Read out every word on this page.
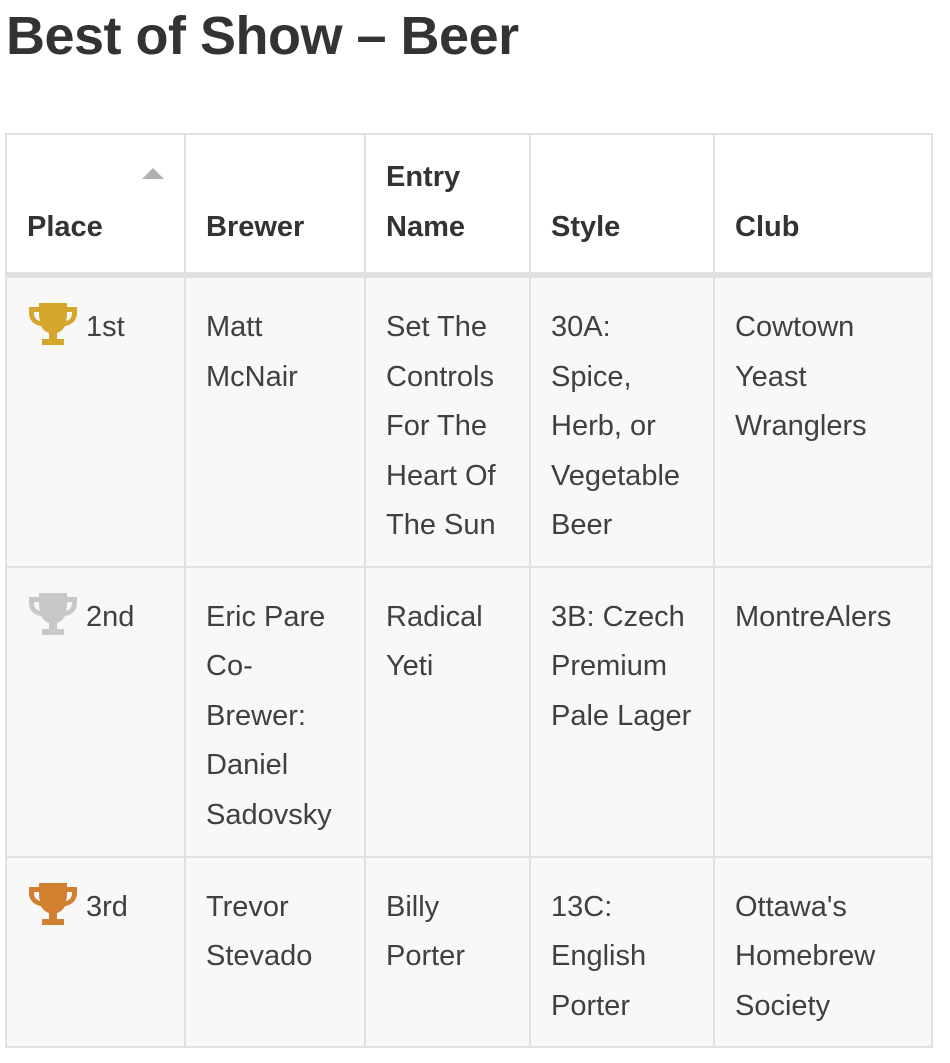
Best of Show – Beer
Place	Brewer	Entry Name	Style	Club

1st	Matt McNair	Set The Controls For The Heart Of The Sun	30A: Spice, Herb, or Vegetable Beer	Cowtown Yeast Wranglers

2nd	Eric Pare Co-Brewer: Daniel Sadovsky	Radical Yeti	3B: Czech Premium Pale Lager	MontreAlers

3rd	Trevor Stevado	Billy Porter	13C: English Porter	Ottawa's Homebrew Society
